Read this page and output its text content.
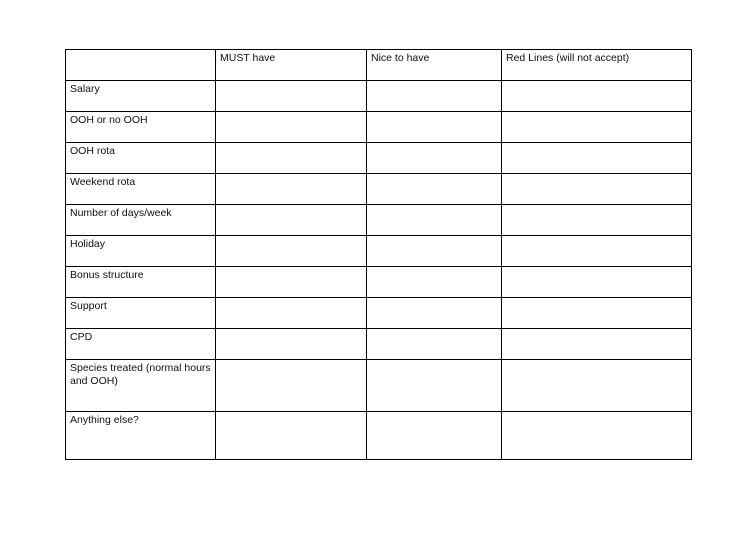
	MUST have	Nice to have	Red Lines (will not accept)
Salary			
OOH or no OOH			
OOH rota			
Weekend rota			
Number of days/week			
Holiday			
Bonus structure			
Support			
CPD			
Species treated (normal hours and OOH)			
Anything else?			
